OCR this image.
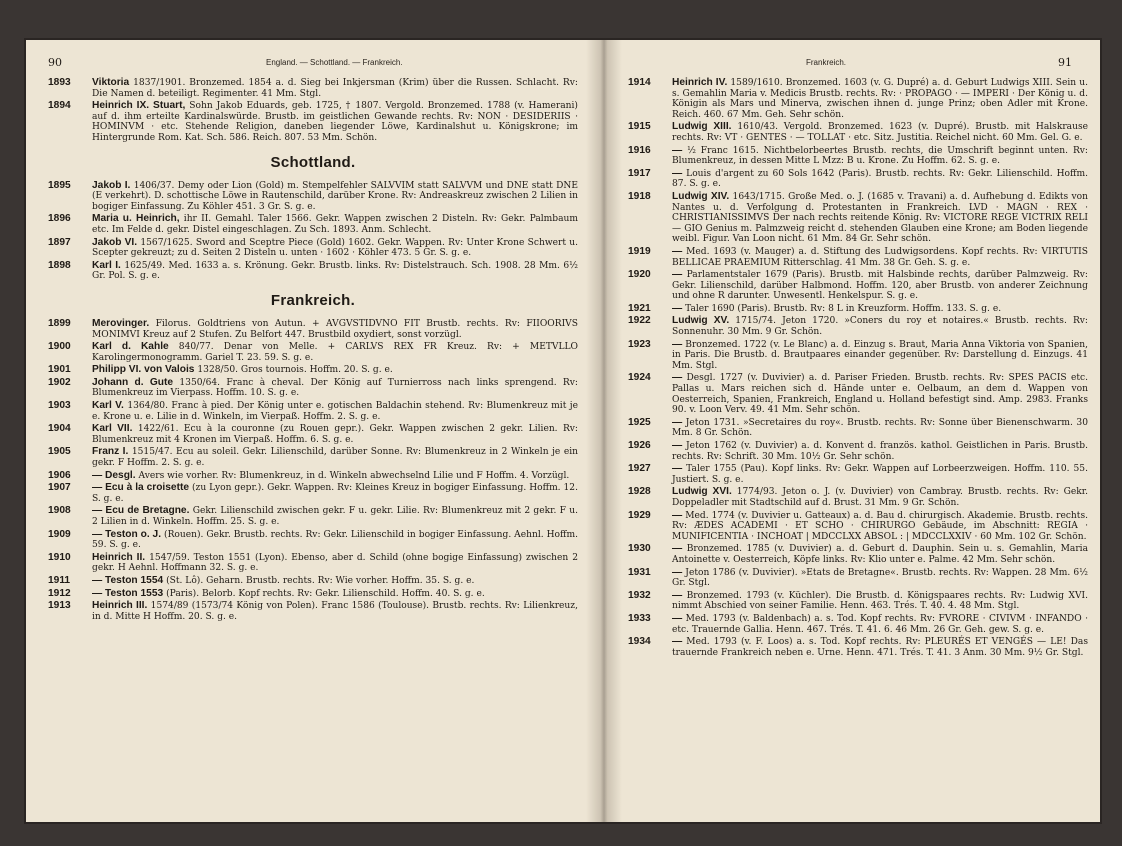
90	England. — Schottland. — Frankreich.
1893	Viktoria 1837/1901. Bronzemed. 1854 a. d. Sieg bei Inkjersman (Krim) über die Russen. Schlacht. Rv: Die Namen d. beteiligt. Regimenter. 41 Mm. Stgl.
1894	Heinrich IX. Stuart, Sohn Jakob Eduards, geb. 1725, † 1807. Vergold. Bronzemed. 1788 (v. Hamerani) auf d. ihm erteilte Kardinalswürde. Brustb. im geistlichen Gewande rechts. Rv: NON · DESIDERIIS · HOMINVM · etc. Stehende Religion, daneben liegender Löwe, Kardinalshut u. Königskrone; im Hintergrunde Rom. Kat. Sch. 586. Reich. 807. 53 Mm. Schön.
Schottland.
1895	Jakob I. 1406/37. Demy oder Lion (Gold) m. Stempelfehler SALVVIM statt SALVVM und DNE statt DNE (E verkehrt). D. schottische Löwe in Rautenschild, darüber Krone. Rv: Andreaskreuz zwischen 2 Lilien in bogiger Einfassung. Zu Köhler 451. 3 Gr. S. g. e.
1896	Maria u. Heinrich, ihr II. Gemahl. Taler 1566. Gekr. Wappen zwischen 2 Disteln. Rv: Gekr. Palmbaum etc. Im Felde d. gekr. Distel eingeschlagen. Zu Sch. 1893. Anm. Schlecht.
1897	Jakob VI. 1567/1625. Sword and Sceptre Piece (Gold) 1602. Gekr. Wappen. Rv: Unter Krone Schwert u. Scepter gekreuzt; zu d. Seiten 2 Disteln u. unten · 1602 · Köhler 473. 5 Gr. S. g. e.
1898	Karl I. 1625/49. Med. 1633 a. s. Krönung. Gekr. Brustb. links. Rv: Distelstrauch. Sch. 1908. 28 Mm. 6½ Gr. Pol. S. g. e.
Frankreich.
1899	Merovinger. Filorus. Goldtriens von Autun. + AVGVSTIDVNO FIT Brustb. rechts. Rv: FIIOORIVS MONIMVI Kreuz auf 2 Stufen. Zu Belfort 447. Brustbild oxydiert, sonst vorzügl.
1900	Karl d. Kahle 840/77. Denar von Melle. + CARLVS REX FR Kreuz. Rv: + METVLLO Karolingermonogramm. Gariel T. 23. 59. S. g. e.
1901	Philipp VI. von Valois 1328/50. Gros tournois. Hoffm. 20. S. g. e.
1902	Johann d. Gute 1350/64. Franc à cheval. Der König auf Turnierross nach links sprengend. Rv: Blumenkreuz im Vierpass. Hoffm. 10. S. g. e.
1903	Karl V. 1364/80. Franc à pied. Der König unter e. gotischen Baldachin stehend. Rv: Blumenkreuz mit je e. Krone u. e. Lilie in d. Winkeln, im Vierpaß. Hoffm. 2. S. g. e.
1904	Karl VII. 1422/61. Ecu à la couronne (zu Rouen gepr.). Gekr. Wappen zwischen 2 gekr. Lilien. Rv: Blumenkreuz mit 4 Kronen im Vierpaß. Hoffm. 6. S. g. e.
1905	Franz I. 1515/47. Ecu au soleil. Gekr. Lilienschild, darüber Sonne. Rv: Blumenkreuz in 2 Winkeln je ein gekr. F Hoffm. 2. S. g. e.
1906	— Desgl. Avers wie vorher. Rv: Blumenkreuz, in d. Winkeln abwechselnd Lilie und F Hoffm. 4. Vorzügl.
1907	— Ecu à la croisette (zu Lyon gepr.). Gekr. Wappen. Rv: Kleines Kreuz in bogiger Einfassung. Hoffm. 12. S. g. e.
1908	— Ecu de Bretagne. Gekr. Lilienschild zwischen gekr. F u. gekr. Lilie. Rv: Blumenkreuz mit 2 gekr. F u. 2 Lilien in d. Winkeln. Hoffm. 25. S. g. e.
1909	— Teston o. J. (Rouen). Gekr. Brustb. rechts. Rv: Gekr. Lilienschild in bogiger Einfassung. Aehnl. Hoffm. 59. S. g. e.
1910	Heinrich II. 1547/59. Teston 1551 (Lyon). Ebenso, aber d. Schild (ohne bogige Einfassung) zwischen 2 gekr. H Aehnl. Hoffmann 32. S. g. e.
1911	— Teston 1554 (St. Lô). Geharn. Brustb. rechts. Rv: Wie vorher. Hoffm. 35. S. g. e.
1912	— Teston 1553 (Paris). Belorb. Kopf rechts. Rv: Gekr. Lilienschild. Hoffm. 40. S. g. e.
1913	Heinrich III. 1574/89 (1573/74 König von Polen). Franc 1586 (Toulouse). Brustb. rechts. Rv: Lilienkreuz, in d. Mitte H Hoffm. 20. S. g. e.
Frankreich.	91
1914	Heinrich IV. 1589/1610. Bronzemed. 1603 (v. G. Dupré) a. d. Geburt Ludwigs XIII. Sein u. s. Gemahlin Maria v. Medicis Brustb. rechts. Rv: · PROPAGO · — IMPERI · Der König u. d. Königin als Mars und Minerva, zwischen ihnen d. junge Prinz; oben Adler mit Krone. Reich. 460. 67 Mm. Geh. Sehr schön.
1915	Ludwig XIII. 1610/43. Vergold. Bronzemed. 1623 (v. Dupré). Brustb. mit Halskrause rechts. Rv: VT · GENTES · — TOLLAT · etc. Sitz. Justitia. Reichel nicht. 60 Mm. Gel. G. e.
1916	— ½ Franc 1615. Nichtbelorbeertes Brustb. rechts, die Umschrift beginnt unten. Rv: Blumenkreuz, in dessen Mitte L Mzz: B u. Krone. Zu Hoffm. 62. S. g. e.
1917	— Louis d'argent zu 60 Sols 1642 (Paris). Brustb. rechts. Rv: Gekr. Lilienschild. Hoffm. 87. S. g. e.
1918	Ludwig XIV. 1643/1715. Große Med. o. J. (1685 v. Travani) a. d. Aufhebung d. Edikts von Nantes u. d. Verfolgung d. Protestanten in Frankreich. LVD · MAGN · REX · CHRISTIANISSIMVS Der nach rechts reitende König. Rv: VICTORE REGE VICTRIX RELI — GIO Genius m. Palmzweig reicht d. stehenden Glauben eine Krone; am Boden liegende weibl. Figur. Van Loon nicht. 61 Mm. 84 Gr. Sehr schön.
1919	— Med. 1693 (v. Mauger) a. d. Stiftung des Ludwigsordens. Kopf rechts. Rv: VIRTUTIS BELLICAE PRAEMIUM Ritterschlag. 41 Mm. 38 Gr. Geh. S. g. e.
1920	— Parlamentstaler 1679 (Paris). Brustb. mit Halsbinde rechts, darüber Palmzweig. Rv: Gekr. Lilienschild, darüber Halbmond. Hoffm. 120, aber Brustb. von anderer Zeichnung und ohne R darunter. Unwesentl. Henkelspur. S. g. e.
1921	— Taler 1690 (Paris). Brustb. Rv: 8 L in Kreuzform. Hoffm. 133. S. g. e.
1922	Ludwig XV. 1715/74. Jeton 1720. »Coners du roy et notaires.« Brustb. rechts. Rv: Sonnenuhr. 30 Mm. 9 Gr. Schön.
1923	— Bronzemed. 1722 (v. Le Blanc) a. d. Einzug s. Braut, Maria Anna Viktoria von Spanien, in Paris. Die Brustb. d. Brautpaares einander gegenüber. Rv: Darstellung d. Einzugs. 41 Mm. Stgl.
1924	— Desgl. 1727 (v. Duvivier) a. d. Pariser Frieden. Brustb. rechts. Rv: SPES PACIS etc. Pallas u. Mars reichen sich d. Hände unter e. Oelbaum, an dem d. Wappen von Oesterreich, Spanien, Frankreich, England u. Holland befestigt sind. Amp. 2983. Franks 90. v. Loon Verv. 49. 41 Mm. Sehr schön.
1925	— Jeton 1731. »Secretaires du roy«. Brustb. rechts. Rv: Sonne über Bienenschwarm. 30 Mm. 8 Gr. Schön.
1926	— Jeton 1762 (v. Duvivier) a. d. Konvent d. französ. kathol. Geistlichen in Paris. Brustb. rechts. Rv: Schrift. 30 Mm. 10½ Gr. Sehr schön.
1927	— Taler 1755 (Pau). Kopf links. Rv: Gekr. Wappen auf Lorbeerzweigen. Hoffm. 110. 55. Justiert. S. g. e.
1928	Ludwig XVI. 1774/93. Jeton o. J. (v. Duvivier) von Cambray. Brustb. rechts. Rv: Gekr. Doppeladler mit Stadtschild auf d. Brust. 31 Mm. 9 Gr. Schön.
1929	— Med. 1774 (v. Duvivier u. Gatteaux) a. d. Bau d. chirurgisch. Akademie. Brustb. rechts. Rv: ÆDES ACADEMI · ET SCHO · CHIRURGO Gebäude, im Abschnitt: REGIA · MUNIFICENTIA · INCHOAT | MDCCLXX ABSOL : | MDCCLXXIV · 60 Mm. 102 Gr. Schön.
1930	— Bronzemed. 1785 (v. Duvivier) a. d. Geburt d. Dauphin. Sein u. s. Gemahlin, Maria Antoinette v. Oesterreich, Köpfe links. Rv: Klio unter e. Palme. 42 Mm. Sehr schön.
1931	— Jeton 1786 (v. Duvivier). »Etats de Bretagne«. Brustb. rechts. Rv: Wappen. 28 Mm. 6½ Gr. Stgl.
1932	— Bronzemed. 1793 (v. Küchler). Die Brustb. d. Königspaares rechts. Rv: Ludwig XVI. nimmt Abschied von seiner Familie. Henn. 463. Trés. T. 40. 4. 48 Mm. Stgl.
1933	— Med. 1793 (v. Baldenbach) a. s. Tod. Kopf rechts. Rv: FVRORE · CIVIVM · INFANDO · etc. Trauernde Gallia. Henn. 467. Trés. T. 41. 6. 46 Mm. 26 Gr. Geh. gew. S. g. e.
1934	— Med. 1793 (v. F. Loos) a. s. Tod. Kopf rechts. Rv: PLEURÉS ET VENGÉS — LE! Das trauernde Frankreich neben e. Urne. Henn. 471. Trés. T. 41. 3 Anm. 30 Mm. 9½ Gr. Stgl.
